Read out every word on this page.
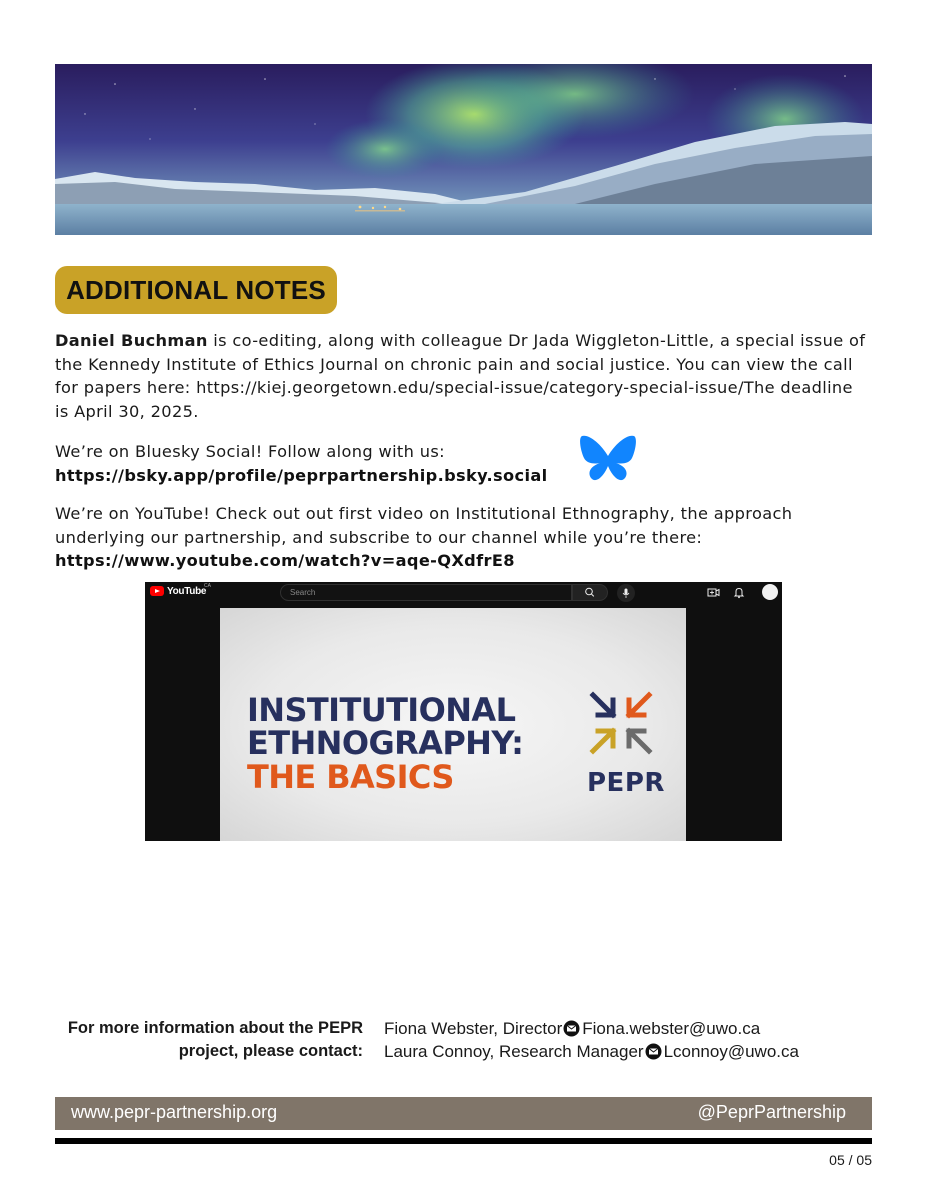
ADDITIONAL NOTES

Daniel Buchman is co-editing, along with colleague Dr Jada Wiggleton-Little, a special issue of the Kennedy Institute of Ethics Journal on chronic pain and social justice. You can view the call for papers here: https://kiej.georgetown.edu/special-issue/category-special-issue/The deadline is April 30, 2025.

We’re on Bluesky Social! Follow along with us:
https://bsky.app/profile/peprpartnership.bsky.social

We’re on YouTube! Check out out first video on Institutional Ethnography, the approach underlying our partnership, and subscribe to our channel while you’re there:
https://www.youtube.com/watch?v=aqe-QXdfrE8

YouTube
CA
Search
INSTITUTIONAL
ETHNOGRAPHY:
THE BASICS	PEPR
For more information about the PEPR project, please contact:
Fiona Webster, Director Fiona.webster@uwo.ca
Laura Connoy, Research Manager Lconnoy@uwo.ca
www.pepr-partnership.org	@PeprPartnership
05 / 05
